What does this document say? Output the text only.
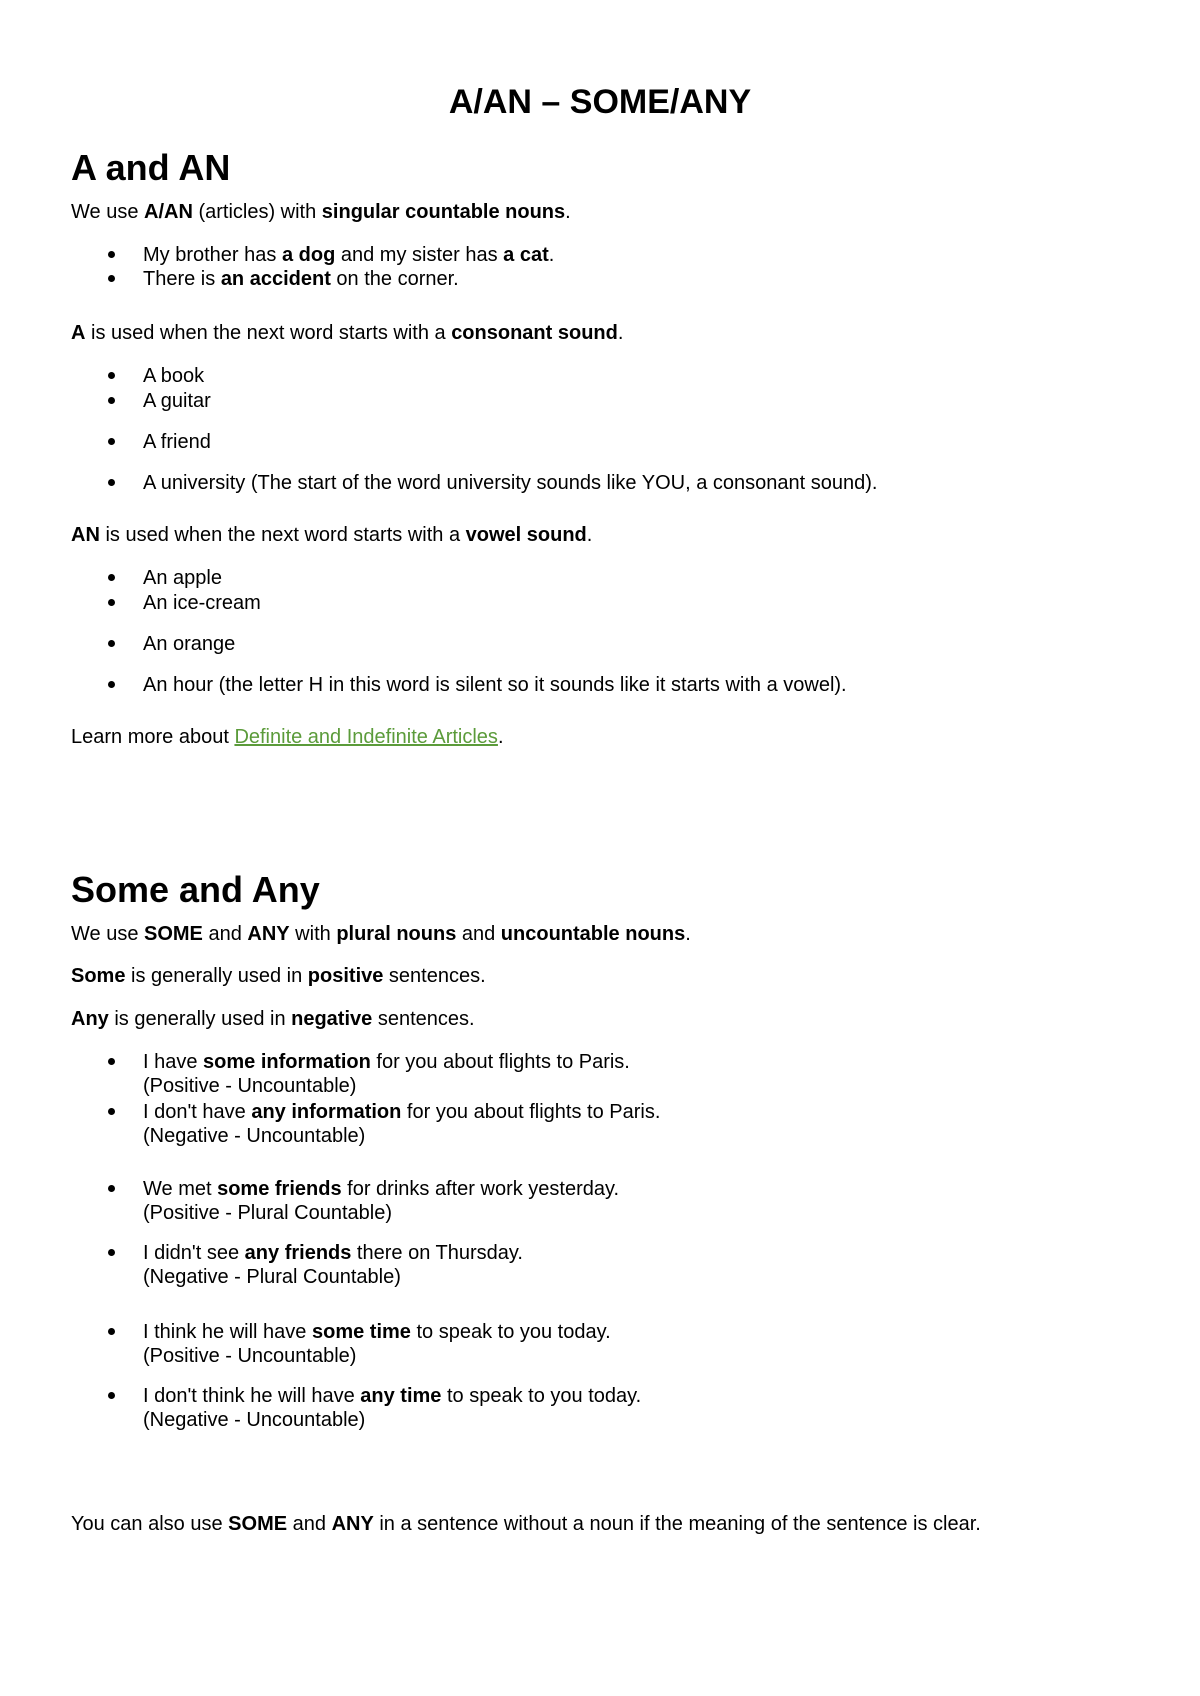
A/AN – SOME/ANY
A and AN
We use A/AN (articles) with singular countable nouns.
My brother has a dog and my sister has a cat.
There is an accident on the corner.
A is used when the next word starts with a consonant sound.
A book
A guitar
A friend
A university (The start of the word university sounds like YOU, a consonant sound).
AN is used when the next word starts with a vowel sound.
An apple
An ice-cream
An orange
An hour (the letter H in this word is silent so it sounds like it starts with a vowel).
Learn more about Definite and Indefinite Articles.
Some and Any
We use SOME and ANY with plural nouns and uncountable nouns.
Some is generally used in positive sentences.
Any is generally used in negative sentences.
I have some information for you about flights to Paris.
(Positive - Uncountable)
I don't have any information for you about flights to Paris.
(Negative - Uncountable)
We met some friends for drinks after work yesterday.
(Positive - Plural Countable)
I didn't see any friends there on Thursday.
(Negative - Plural Countable)
I think he will have some time to speak to you today.
(Positive - Uncountable)
I don't think he will have any time to speak to you today.
(Negative - Uncountable)
You can also use SOME and ANY in a sentence without a noun if the meaning of the sentence is clear.
